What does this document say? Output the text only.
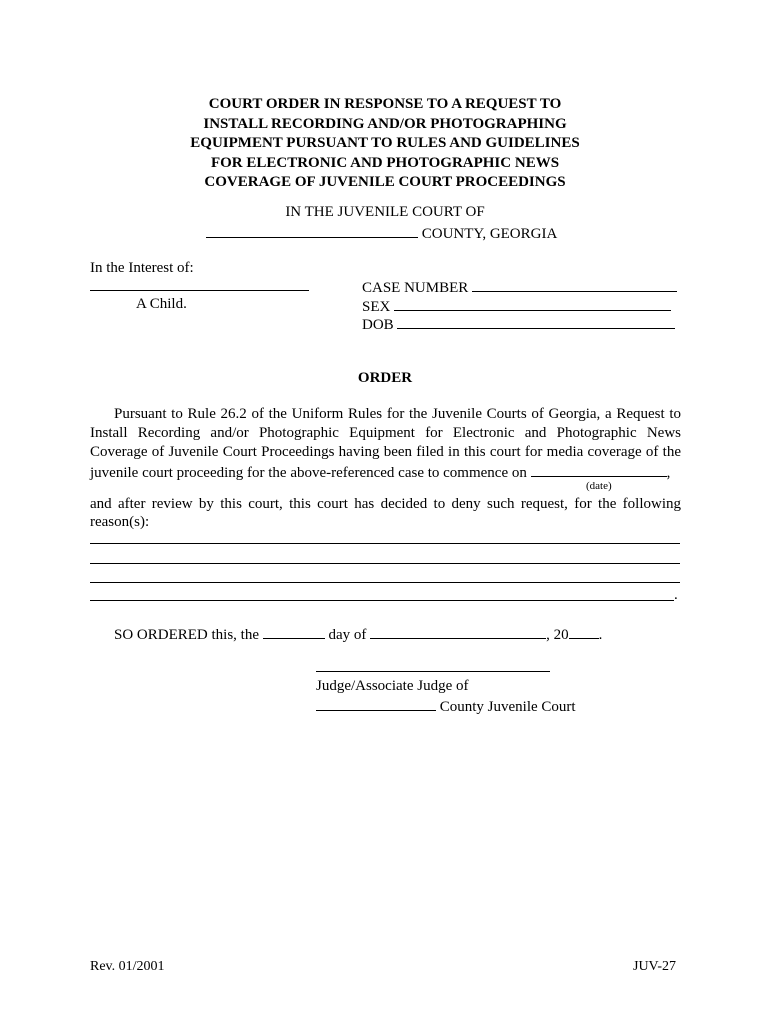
COURT ORDER IN RESPONSE TO A REQUEST TO
INSTALL RECORDING AND/OR PHOTOGRAPHING
EQUIPMENT PURSUANT TO RULES AND GUIDELINES
FOR ELECTRONIC AND PHOTOGRAPHIC NEWS
COVERAGE OF JUVENILE COURT PROCEEDINGS
IN THE JUVENILE COURT OF
COUNTY, GEORGIA
In the Interest of:
A Child.
CASE NUMBER
SEX
DOB
ORDER
Pursuant to Rule 26.2 of the Uniform Rules for the Juvenile Courts of Georgia, a Request to
Install Recording and/or Photographic Equipment for Electronic and Photographic News
Coverage of Juvenile Court Proceedings having been filed in this court for media coverage of the
juvenile court proceeding for the above-referenced case to commence on	,
(date)
and after review by this court, this court has decided to deny such request, for the following
reason(s):
.
SO ORDERED this, the	day of	, 20 .
Judge/Associate Judge of
County Juvenile Court
Rev. 01/2001	JUV-27
